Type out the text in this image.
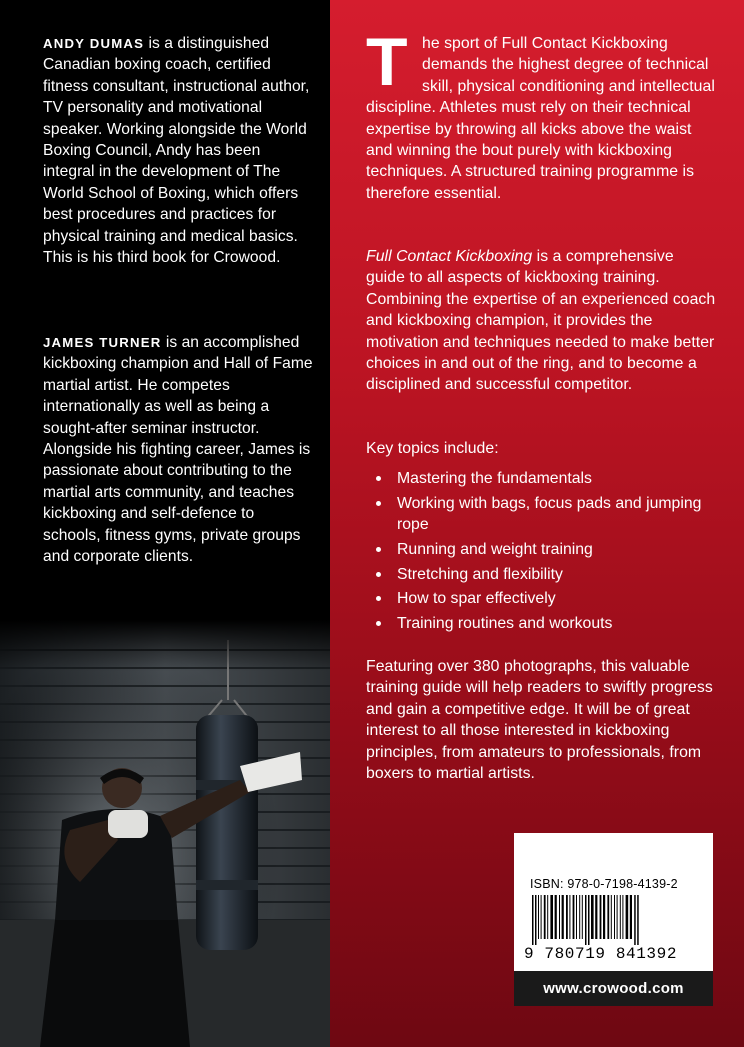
ANDY DUMAS is a distinguished Canadian boxing coach, certified fitness consultant, instructional author, TV personality and motivational speaker. Working alongside the World Boxing Council, Andy has been integral in the development of The World School of Boxing, which offers best procedures and practices for physical training and medical basics. This is his third book for Crowood.

JAMES TURNER is an accomplished kickboxing champion and Hall of Fame martial artist. He competes internationally as well as being a sought-after seminar instructor. Alongside his fighting career, James is passionate about contributing to the martial arts community, and teaches kickboxing and self-defence to schools, fitness gyms, private groups and corporate clients.

T	he sport of Full Contact Kickboxing demands the highest degree of technical skill, physical conditioning and intellectual discipline. Athletes must rely on their technical expertise by throwing all kicks above the waist and winning the bout purely with kickboxing techniques. A structured training programme is therefore essential.

Full Contact Kickboxing is a comprehensive guide to all aspects of kickboxing training. Combining the expertise of an experienced coach and kickboxing champion, it provides the motivation and techniques needed to make better choices in and out of the ring, and to become a disciplined and successful competitor.

Key topics include:

Mastering the fundamentals
Working with bags, focus pads and jumping rope
Running and weight training
Stretching and flexibility
How to spar effectively
Training routines and workouts

Featuring over 380 photographs, this valuable training guide will help readers to swiftly progress and gain a competitive edge. It will be of great interest to all those interested in kickboxing principles, from amateurs to professionals, from boxers to martial artists.

ISBN: 978-0-7198-4139-2
9 780719 841392
www.crowood.com
